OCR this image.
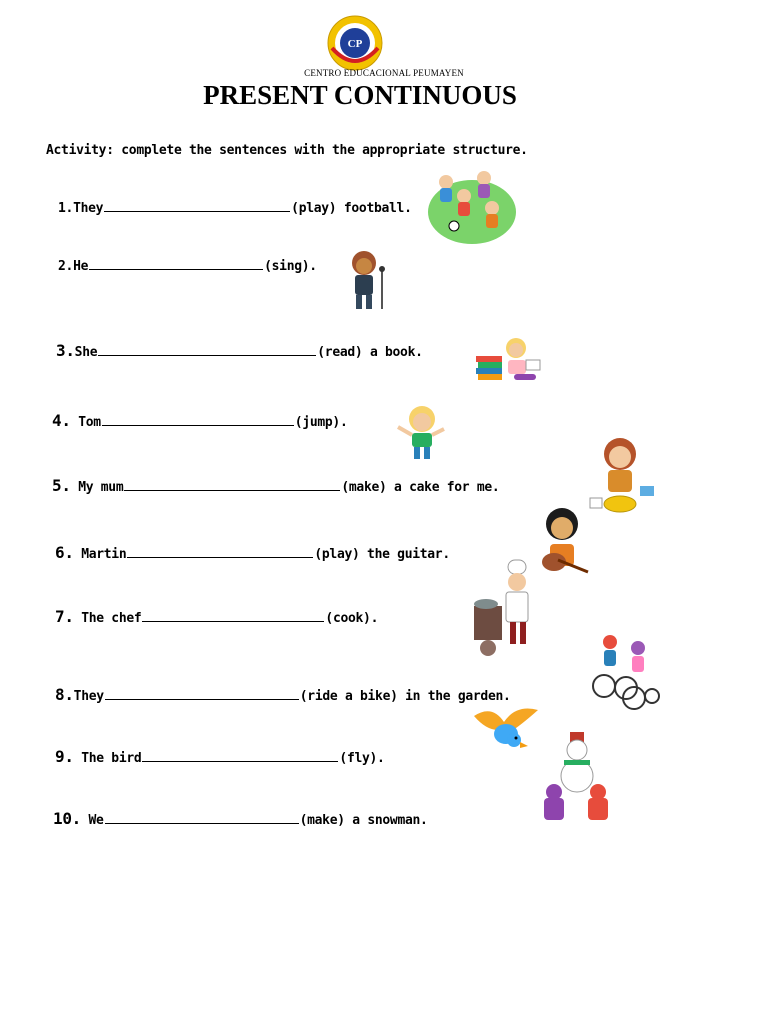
CP
CENTRO EDUCACIONAL PEUMAYEN
PRESENT CONTINUOUS
Activity: complete the sentences with the appropriate structure.
1. They	(play) football.
2. He	(sing).
3. She	(read) a book.
4.
Tom	(jump).
5.
My mum	(make) a cake for me.
6.
Martin	(play) the guitar.
7.
The chef	(cook).
8. They	(ride a bike) in the garden.
9.
The bird	(fly).
10.
We	(make) a snowman.
